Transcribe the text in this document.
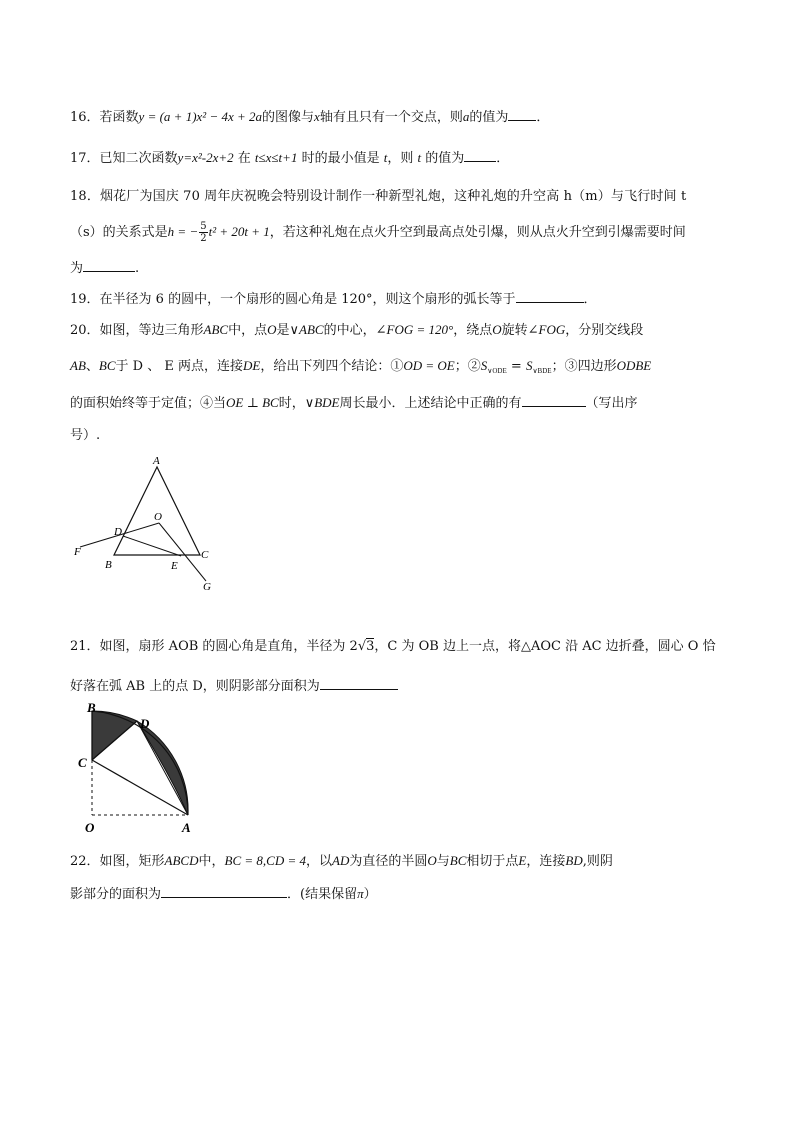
16．若函数y = (a + 1)x² − 4x + 2a的图像与x轴有且只有一个交点，则a的值为 ．
17．已知二次函数y=x²-2x+2 在 t≤x≤t+1 时的最小值是 t，则 t 的值为 ．
18．烟花厂为国庆 70 周年庆祝晚会特别设计制作一种新型礼炮，这种礼炮的升空高 h（m）与飞行时间 t
（s）的关系式是h = − $\frac{5}{2} t^2 + 20t + 1$，若这种礼炮在点火升空到最高点处引爆，则从点火升空到引爆需要时间
为	.
19．在半径为 6 的圆中，一个扇形的圆心角是 120°，则这个扇形的弧长等于	．
20．如图，等边三角形ABC中，点O是∨ABC的中心，∠FOG = 120°，绕点O旋转∠FOG，分别交线段
AB、BC于 D 、 E 两点，连接DE，给出下列四个结论：①OD = OE；$②S_{\vee ODE} = S_{\vee BDE}$；③四边形ODBE
的面积始终等于定值；④当OE ⊥ BC时，∨BDE周长最小．上述结论中正确的有	（写出序
号）.
A
B
C
D
E
F
G
O
21．如图，扇形 AOB 的圆心角是直角，半径为 2√3，C 为 OB 边上一点，将△AOC 沿 AC 边折叠，圆心 O 恰
好落在弧 AB 上的点 D，则阴影部分面积为
B
D
C
O	A
22．如图，矩形ABCD中，BC = 8,CD = 4，以AD为直径的半圆O与BC相切于点E，连接BD,则阴
影部分的面积为	．(结果保留π）
